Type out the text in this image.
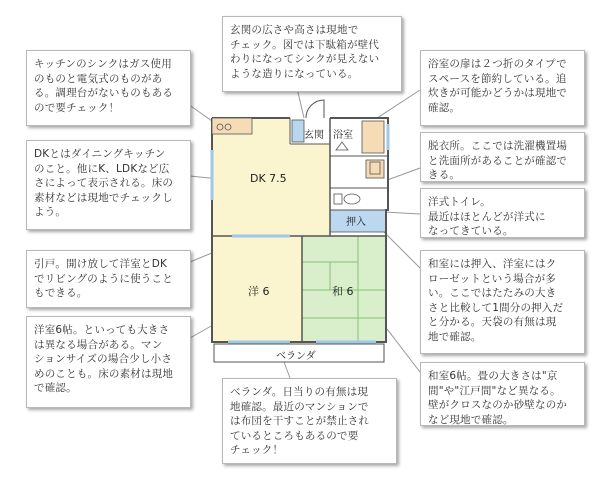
DK 7.5
玄関 浴室
押入
洋 6	和 6
ベランダ
玄関の広さや高さは現地で
チェック。図では下駄箱が壁代
わりになってシンクが見えない
ような造りになっている。
キッチンのシンクはガス使用
のものと電気式のものがあ
る。調理台がないものもある
ので要チェック！
浴室の扉は２つ折のタイプで
スペースを節約している。追
炊きが可能かどうかは現地で
確認。
脱衣所。ここでは洗濯機置場
と洗面所があることが確認で
きる。
DKとはダイニングキッチン
のこと。他にK、LDKなど広
さによって表示される。床の
素材などは現地でチェックし
よう。
洋式トイレ。
最近はほとんどが洋式に
なってきている。
引戸。開け放して洋室とDK
でリビングのように使うこと
もできる。
和室には押入、洋室にはク
ローゼットという場合が多
い。ここではたたみの大き
さと比較して1間分の押入だ
と分かる。天袋の有無は現
地で確認。
洋室6帖。といっても大きさ
は異なる場合がある。マン
ションサイズの場合少し小さ
めのことも。床の素材は現地
で確認。	ベランダ。日当りの有無は現
地確認。最近のマンションで
は布団を干すことが禁止され
ているところもあるので要
チェック！
和室6帖。畳の大きさは"京
間"や"江戸間"など異なる。
壁がクロスなのか砂壁なのか
など現地で確認。
